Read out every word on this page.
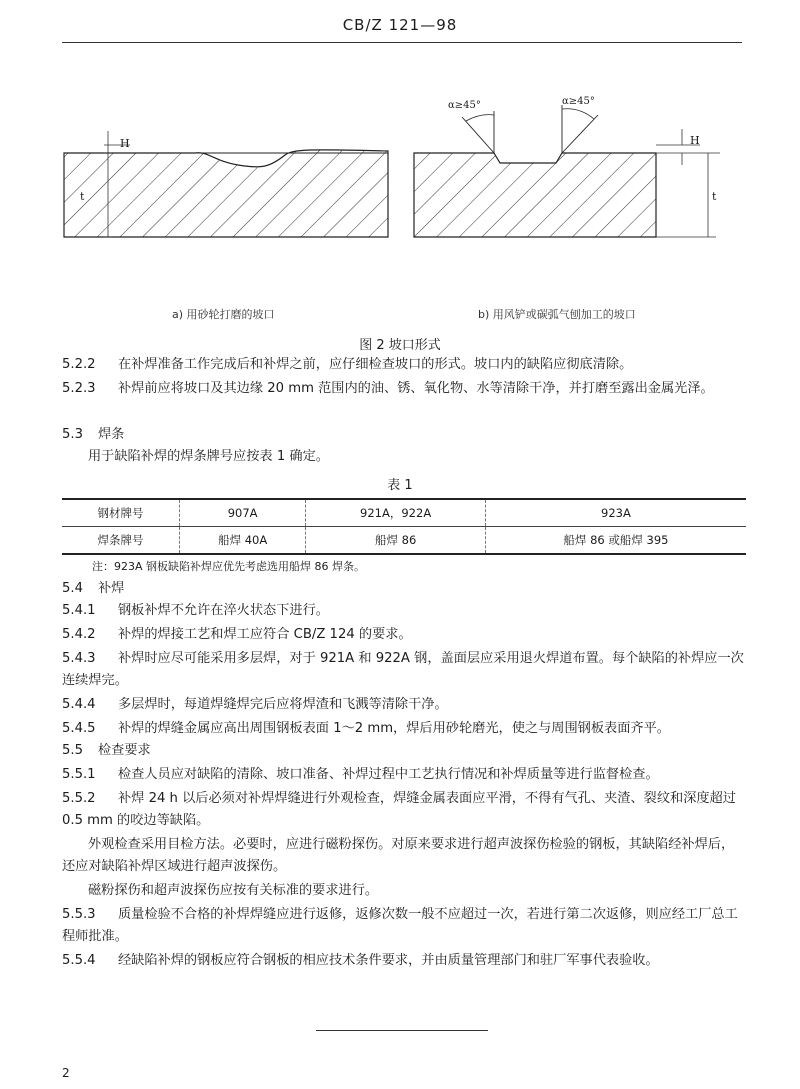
CB/Z 121—98
H
t
H
t
α≥45°	α≥45°
a) 用砂轮打磨的坡口	b) 用风铲或碳弧气刨加工的坡口
图 2 坡口形式
5.2.2 在补焊准备工作完成后和补焊之前，应仔细检查坡口的形式。坡口内的缺陷应彻底清除。
5.2.3 补焊前应将坡口及其边缘 20 mm 范围内的油、锈、氧化物、水等清除干净，并打磨至露出金属光泽。
5.3 焊条
用于缺陷补焊的焊条牌号应按表 1 确定。
表 1
钢材牌号	907A	921A，922A	923A
焊条牌号	船焊 40A	船焊 86	船焊 86 或船焊 395
注：923A 钢板缺陷补焊应优先考虑选用船焊 86 焊条。
5.4 补焊
5.4.1 钢板补焊不允许在淬火状态下进行。
5.4.2 补焊的焊接工艺和焊工应符合 CB/Z 124 的要求。
5.4.3 补焊时应尽可能采用多层焊，对于 921A 和 922A 钢，盖面层应采用退火焊道布置。每个缺陷的补焊应一次连续焊完。
5.4.4 多层焊时，每道焊缝焊完后应将焊渣和飞溅等清除干净。
5.4.5 补焊的焊缝金属应高出周围钢板表面 1～2 mm，焊后用砂轮磨光，使之与周围钢板表面齐平。
5.5 检查要求
5.5.1 检查人员应对缺陷的清除、坡口准备、补焊过程中工艺执行情况和补焊质量等进行监督检查。
5.5.2 补焊 24 h 以后必须对补焊焊缝进行外观检查，焊缝金属表面应平滑，不得有气孔、夹渣、裂纹和深度超过 0.5 mm 的咬边等缺陷。
外观检查采用目检方法。必要时，应进行磁粉探伤。对原来要求进行超声波探伤检验的钢板，其缺陷经补焊后，还应对缺陷补焊区域进行超声波探伤。
磁粉探伤和超声波探伤应按有关标准的要求进行。
5.5.3 质量检验不合格的补焊焊缝应进行返修，返修次数一般不应超过一次，若进行第二次返修，则应经工厂总工程师批准。
5.5.4 经缺陷补焊的钢板应符合钢板的相应技术条件要求，并由质量管理部门和驻厂军事代表验收。
2
